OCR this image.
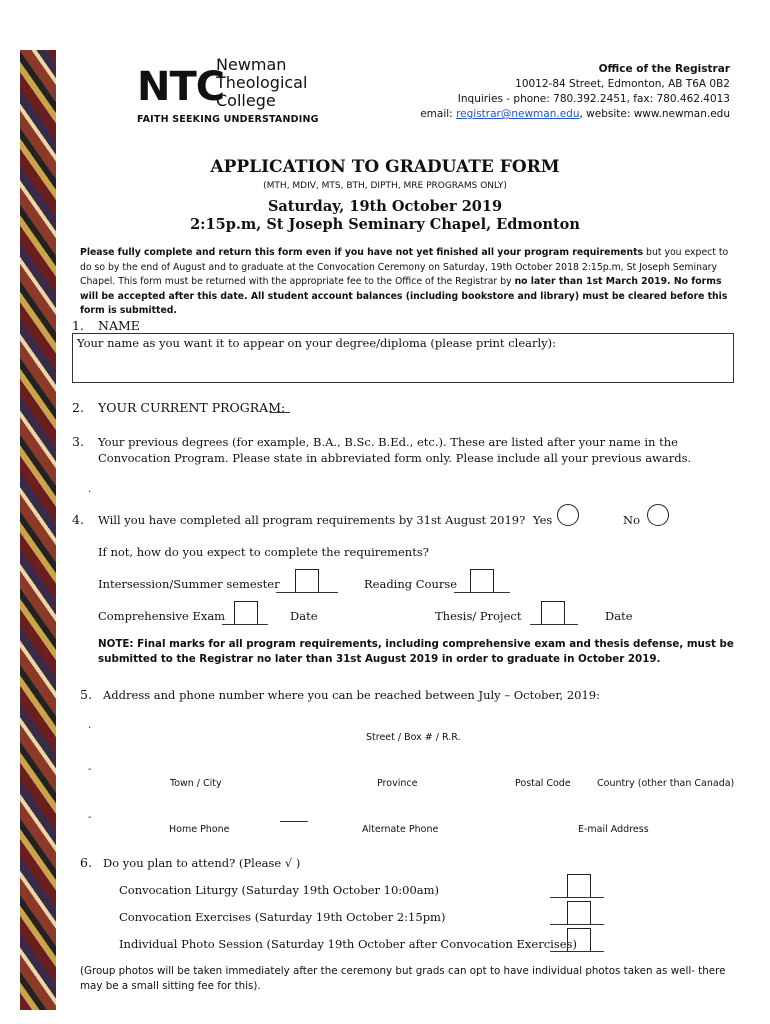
NTC
Newman
Theological
College
FAITH SEEKING UNDERSTANDING
Office of the Registrar
10012-84 Street, Edmonton, AB T6A 0B2
Inquiries - phone: 780.392.2451, fax: 780.462.4013
email: registrar@newman.edu, website: www.newman.edu
APPLICATION TO GRADUATE FORM
(MTH, MDIV, MTS, BTH, DIPTH, MRE PROGRAMS ONLY)
Saturday, 19th October 2019
2:15p.m, St Joseph Seminary Chapel, Edmonton
Please fully complete and return this form even if you have not yet finished all your program requirements but you expect to do so by the end of August and to graduate at the Convocation Ceremony on Saturday, 19th October 2018 2:15p.m, St Joseph Seminary Chapel. This form must be returned with the appropriate fee to the Office of the Registrar by no later than 1st March 2019. No forms will be accepted after this date. All student account balances (including bookstore and library) must be cleared before this form is submitted.
1. NAME
Your name as you want it to appear on your degree/diploma (please print clearly):
2. YOUR CURRENT PROGRAM:
3. Your previous degrees (for example, B.A., B.Sc. B.Ed., etc.). These are listed after your name in the Convocation Program. Please state in abbreviated form only. Please include all your previous awards.
.
4. Will you have completed all program requirements by 31st August 2019? Yes	No
If not, how do you expect to complete the requirements?
Intersession/Summer semester	Reading Course
Comprehensive Exam	Date	Thesis/ Project	Date
NOTE: Final marks for all program requirements, including comprehensive exam and thesis defense, must be submitted to the Registrar no later than 31st August 2019 in order to graduate in October 2019.
5. Address and phone number where you can be reached between July – October, 2019:
.
Street / Box # / R.R.
-
Town / City	Province	Postal Code	Country (other than Canada)
-
Home Phone	Alternate Phone	E-mail Address
6. Do you plan to attend? (Please √ )
Convocation Liturgy (Saturday 19th October 10:00am)
Convocation Exercises (Saturday 19th October 2:15pm)
Individual Photo Session (Saturday 19th October after Convocation Exercises)
(Group photos will be taken immediately after the ceremony but grads can opt to have individual photos taken as well- there may be a small sitting fee for this).
